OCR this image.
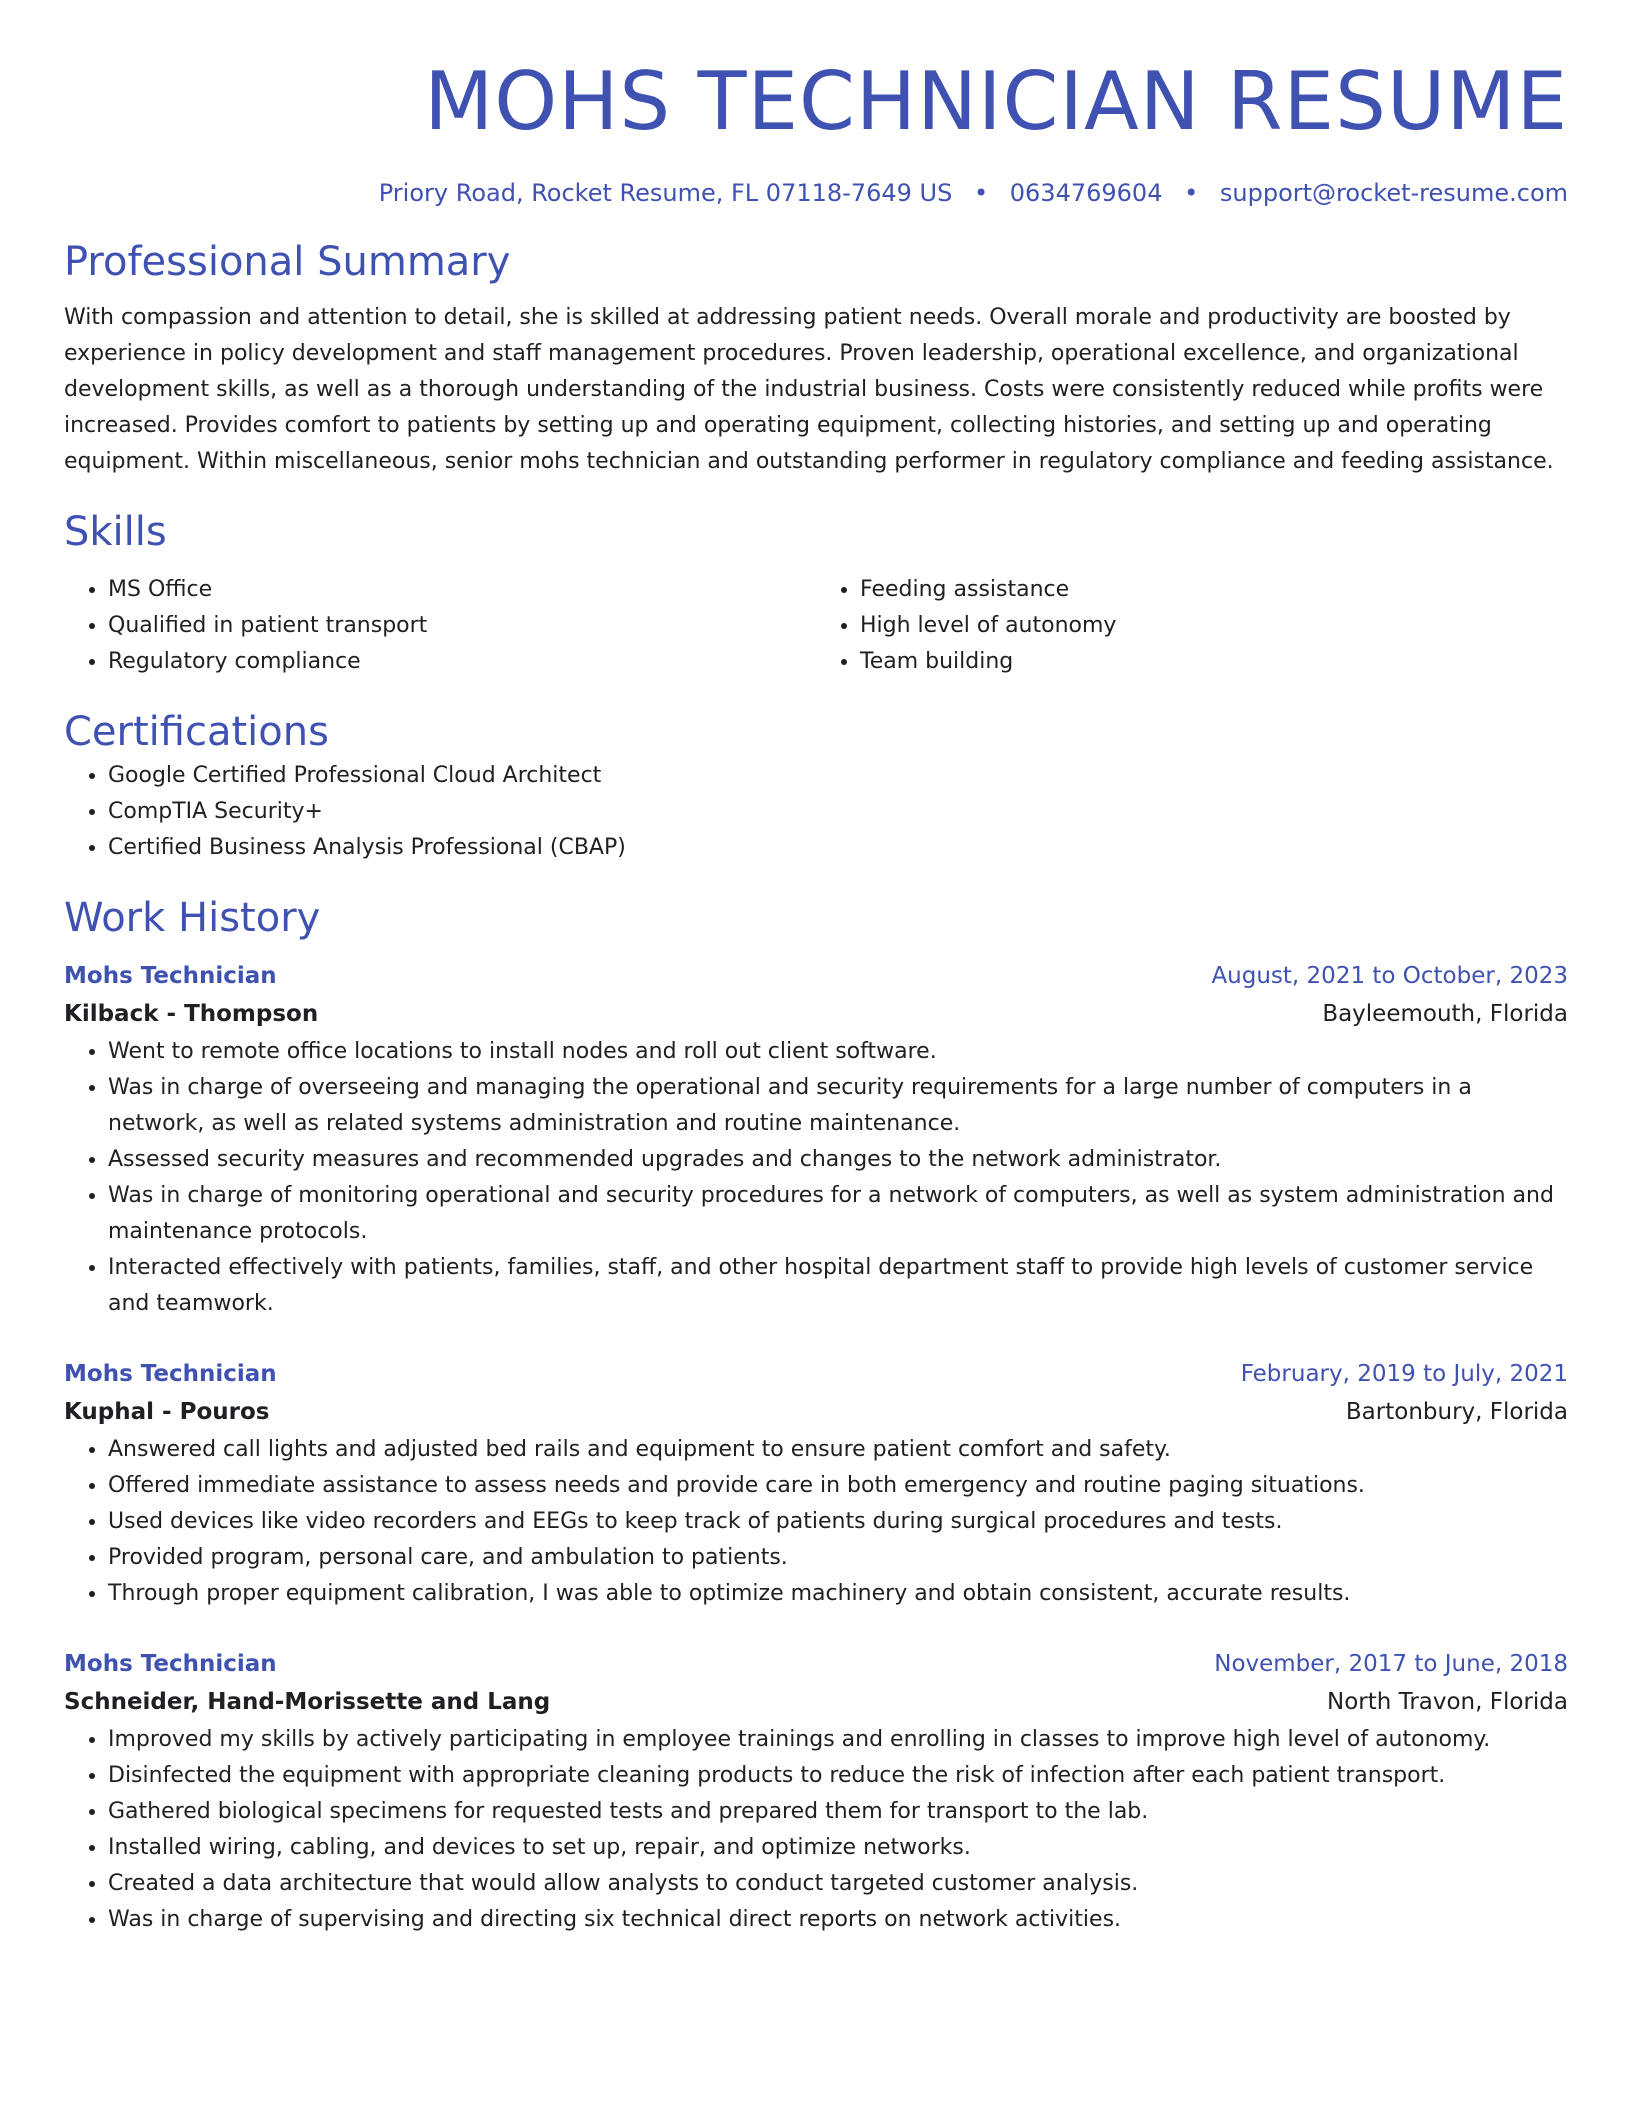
MOHS TECHNICIAN RESUME
Priory Road, Rocket Resume, FL 07118-7649 US • 0634769604 • support@rocket-resume.com
Professional Summary
With compassion and attention to detail, she is skilled at addressing patient needs. Overall morale and productivity are boosted by experience in policy development and staff management procedures. Proven leadership, operational excellence, and organizational development skills, as well as a thorough understanding of the industrial business. Costs were consistently reduced while profits were increased. Provides comfort to patients by setting up and operating equipment, collecting histories, and setting up and operating equipment. Within miscellaneous, senior mohs technician and outstanding performer in regulatory compliance and feeding assistance.
Skills
• MS Office
• Qualified in patient transport
• Regulatory compliance
• Feeding assistance
• High level of autonomy
• Team building
Certifications
• Google Certified Professional Cloud Architect
• CompTIA Security+
• Certified Business Analysis Professional (CBAP)
Work History
Mohs Technician	August, 2021 to October, 2023
Kilback - Thompson	Bayleemouth, Florida
• Went to remote office locations to install nodes and roll out client software.
• Was in charge of overseeing and managing the operational and security requirements for a large number of computers in a network, as well as related systems administration and routine maintenance.
• Assessed security measures and recommended upgrades and changes to the network administrator.
• Was in charge of monitoring operational and security procedures for a network of computers, as well as system administration and maintenance protocols.
• Interacted effectively with patients, families, staff, and other hospital department staff to provide high levels of customer service and teamwork.
Mohs Technician	February, 2019 to July, 2021
Kuphal - Pouros	Bartonbury, Florida
• Answered call lights and adjusted bed rails and equipment to ensure patient comfort and safety.
• Offered immediate assistance to assess needs and provide care in both emergency and routine paging situations.
• Used devices like video recorders and EEGs to keep track of patients during surgical procedures and tests.
• Provided program, personal care, and ambulation to patients.
• Through proper equipment calibration, I was able to optimize machinery and obtain consistent, accurate results.
Mohs Technician	November, 2017 to June, 2018
Schneider, Hand-Morissette and Lang	North Travon, Florida
• Improved my skills by actively participating in employee trainings and enrolling in classes to improve high level of autonomy.
• Disinfected the equipment with appropriate cleaning products to reduce the risk of infection after each patient transport.
• Gathered biological specimens for requested tests and prepared them for transport to the lab.
• Installed wiring, cabling, and devices to set up, repair, and optimize networks.
• Created a data architecture that would allow analysts to conduct targeted customer analysis.
• Was in charge of supervising and directing six technical direct reports on network activities.
